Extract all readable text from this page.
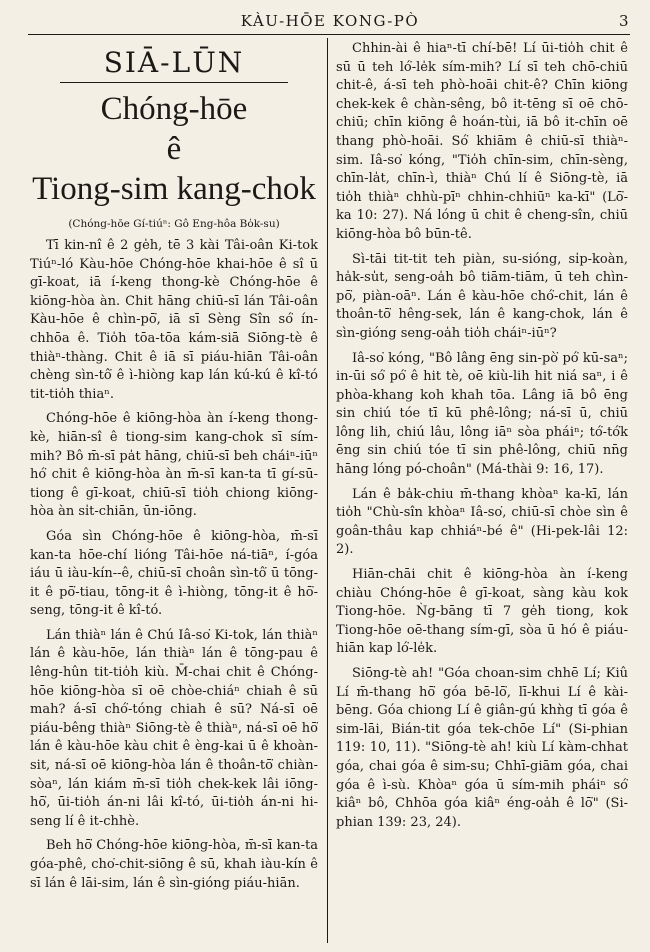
KÀU-HŌE KONG-PÒ	3
SIĀ-LŪN
Chóng-hōe
ê
Tiong-sim kang-chok
(Chóng-hōe Gí-tiúⁿ: Gô Eng-hôa Bo̍k-su)

Tī kin-nî ê 2 ge̍h, tē 3 kài Tâi-oân Ki-tok Tiúⁿ-ló Kàu-hōe Chóng-hōe khai-hōe ê sî ū gī-koat, iā í-keng thong-kè Chóng-hōe ê kiōng-hòa àn. Chit hāng chiū-sī lán Tâi-oân Kàu-hōe ê chìn-pō͘, iā sī Sèng Sîn só͘ ín-chhōa ê. Tio̍h tōa-tōa kám-siā Siōng-tè ê thiàⁿ-thàng. Chit ê iā sī piáu-hiān Tâi-oân chèng sìn-tô͘ ê ì-hiòng kap lán kú-kú ê kî-tó tit-tio̍h thiaⁿ.

Chóng-hōe ê kiōng-hòa àn í-keng thong-kè, hiān-sî ê tiong-sim kang-chok sī sím-mih? Bô m̄-sī pa̍t hāng, chiū-sī beh cháiⁿ-iūⁿ hó͘ chit ê kiōng-hòa àn m̄-sī kan-ta tī gí-sū-tiong ê gī-koat, chiū-sī tio̍h chiong kiōng-hòa àn si̍t-chiān, ūn-iōng.

Góa sìn Chóng-hōe ê kiōng-hòa, m̄-sī kan-ta hōe-chí lióng Tâi-hōe ná-tiāⁿ, í-góa iáu ū iàu-kín--ê, chiū-sī choân sìn-tô͘ ū tōng-it ê pō͘-tiau, tōng-it ê ì-hiòng, tōng-it ê hō͘-seng, tōng-it ê kî-tó.

Lán thiàⁿ lán ê Chú Iâ-so͘ Ki-tok, lán thiàⁿ lán ê kàu-hōe, lán thiàⁿ lán ê tōng-pau ê lêng-hûn tit-tio̍h kiù. M̄-chai chit ê Chóng-hōe kiōng-hòa sī oē chòe-chiáⁿ chiah ê sū mah? á-sī chó͘-tóng chiah ê sū? Ná-sī oē piáu-bêng thiàⁿ Siōng-tè ê thiàⁿ, ná-sī oē hō͘ lán ê kàu-hōe kàu chit ê èng-kai ū ê khoàn-sit, ná-sī oē kiōng-hòa lán ê thoân-tō͘ chiàn-sòaⁿ, lán kiám m̄-sī tio̍h chek-kek lâi iōng-hō͘, ūi-tio̍h án-ni lâi kî-tó, ūi-tio̍h án-ni hi-seng lí ê it-chhè.

Beh hō͘ Chóng-hōe kiōng-hòa, m̄-sī kan-ta góa-phê, cho͘-chit-siōng ê sū, khah iàu-kín ê sī lán ê lāi-sim, lán ê sìn-gióng piáu-hiān.

Chhin-ài ê hiaⁿ-tī chí-bē! Lí ūi-tio̍h chit ê sū ū teh ló͘-le̍k sím-mih? Lí sī teh chō-chiū chit-ê, á-sī teh phò-hoāi chit-ê? Chīn kiōng chek-kek ê chàn-sêng, bô it-tēng sī oē chō-chiū; chīn kiōng ê hoán-tùi, iā bô it-chīn oē thang phò-hoāi. Só͘ khiām ê chiū-sī thiàⁿ-sim. Iâ-so͘ kóng, "Tio̍h chīn-sim, chīn-sèng, chīn-la̍t, chīn-ì, thiàⁿ Chú lí ê Siōng-tè, iā tio̍h thiàⁿ chhù-pīⁿ chhin-chhiūⁿ ka-kī" (Lō͘-ka 10: 27). Ná lóng ū chit ê cheng-sîn, chiū kiōng-hòa bô būn-tê.

Sì-tāi tit-tit teh piàn, su-sióng, si̍p-koàn, ha̍k-su̍t, seng-oa̍h bô tiām-tiām, ū teh chìn-pō͘, piàn-oāⁿ. Lán ê kàu-hōe chó͘-chit, lán ê thoân-tō͘ hêng-sek, lán ê kang-chok, lán ê sìn-gióng seng-oa̍h tio̍h cháiⁿ-iūⁿ?

Iâ-so͘ kóng, "Bô lâng ēng sin-pò͘ pó͘ kū-saⁿ; in-ūi só͘ pó͘ ê hit tè, oē kiù-lih hit niá saⁿ, i ê phòa-khang koh khah tōa. Lâng iā bô ēng sin chiú tóe tī kū phê-lông; ná-sī ū, chiū lông lih, chiú lâu, lông iāⁿ sòa pháiⁿ; tó͘-tó͘k ēng sin chiú tóe tī sin phê-lông, chiū nn̄g hāng lóng pó-choân" (Má-thài 9: 16, 17).

Lán ê ba̍k-chiu m̄-thang khòaⁿ ka-kī, lán tio̍h "Chù-sîn khòaⁿ Iâ-so͘, chiū-sī chòe sìn ê goân-thâu kap chhiáⁿ-bé ê" (Hi-pek-lâi 12: 2).

Hiān-chāi chit ê kiōng-hòa àn í-keng chiàu Chóng-hōe ê gī-koat, sàng kàu kok Tiong-hōe. Ǹg-bāng tī 7 ge̍h tiong, kok Tiong-hōe oē-thang sím-gī, sòa ū hó ê piáu-hiān kap ló͘-le̍k.

Siōng-tè ah! "Góa choan-sim chhē Lí; Kiû Lí m̄-thang hō͘ góa bē-lō͘, lī-khui Lí ê kài-bēng. Góa chiong Lí ê giân-gú khǹg tī góa ê sim-lāi, Bián-tit góa tek-chōe Lí" (Si-phian 119: 10, 11). "Siōng-tè ah! kiù Lí kàm-chhat góa, chai góa ê sim-su; Chhī-giām góa, chai góa ê ì-sù. Khòaⁿ góa ū sím-mih pháiⁿ só͘ kiâⁿ bô, Chhōa góa kiâⁿ éng-oa̍h ê lō͘" (Si-phian 139: 23, 24).
